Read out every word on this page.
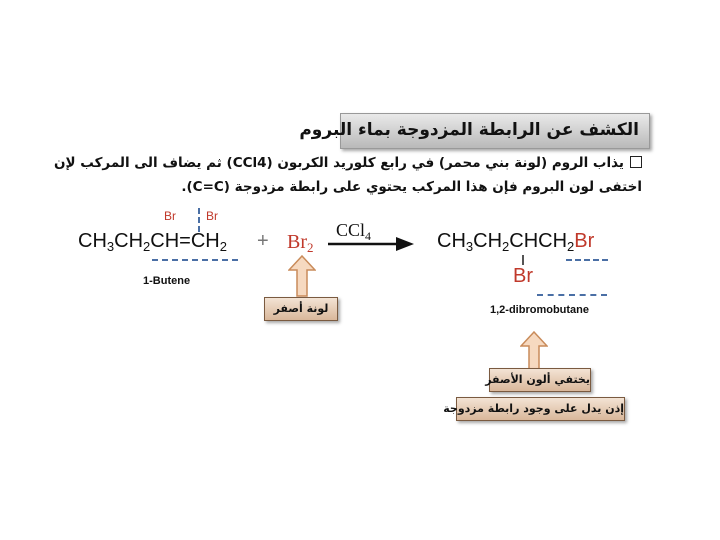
الكشف عن الرابطة المزدوجة بماء البروم
يذاب الروم (لونة بني محمر) في رابع كلوريد الكربون (CCl4) ثم يضاف الى المركب لإن
اختفى لون البروم فإن هذا المركب يحتوي على رابطة مزدوجة (C=C).
$CH_3CH_2CH=CH_2$
Br	Br
1-Butene
+ $Br_2$
CCl$_4$	$CH_3CH_2CHCH_2Br$
Br
1,2-dibromobutane
لونة أصفر
يختفي ألون الأصفر
إذن يدل على وجود رابطة مزدوجة
